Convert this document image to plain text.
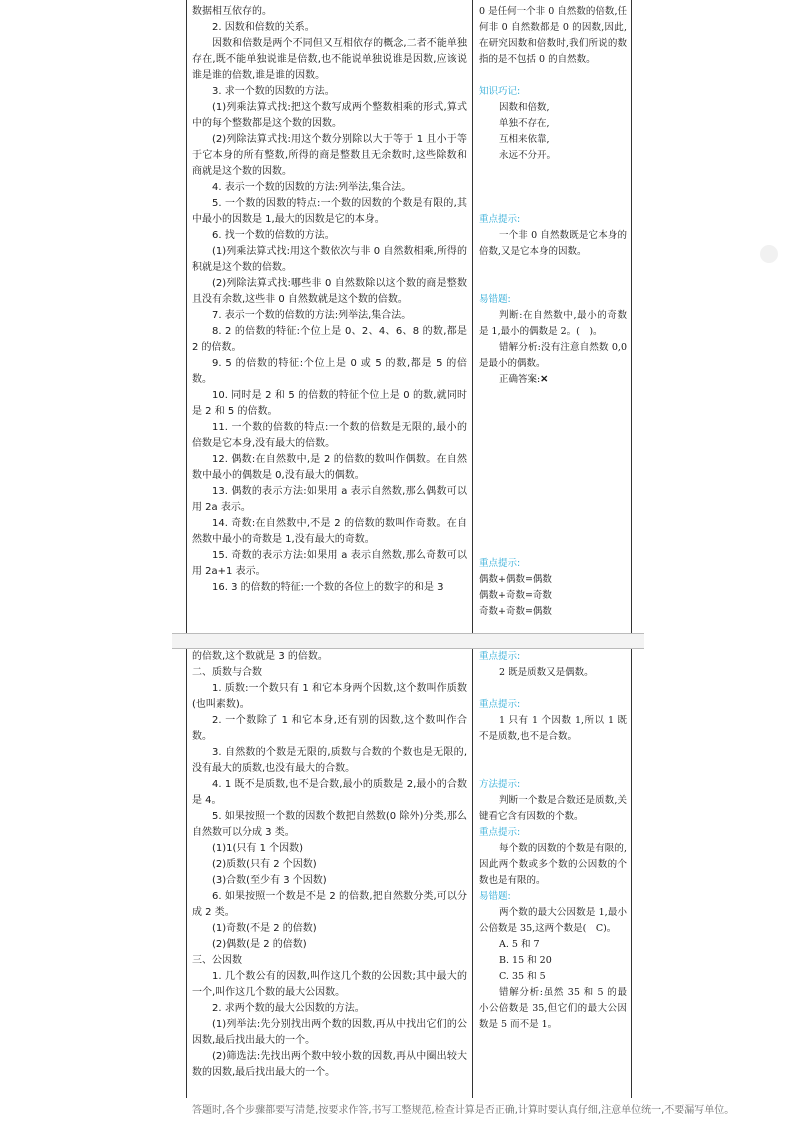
数据相互依存的。

2. 因数和倍数的关系。

因数和倍数是两个不同但又互相依存的概念,二者不能单独存在,既不能单独说谁是倍数,也不能说单独说谁是因数,应该说谁是谁的倍数,谁是谁的因数。

3. 求一个数的因数的方法。

(1)列乘法算式找:把这个数写成两个整数相乘的形式,算式中的每个整数都是这个数的因数。

(2)列除法算式找:用这个数分别除以大于等于 1 且小于等于它本身的所有整数,所得的商是整数且无余数时,这些除数和商就是这个数的因数。

4. 表示一个数的因数的方法:列举法,集合法。

5. 一个数的因数的特点:一个数的因数的个数是有限的,其中最小的因数是 1,最大的因数是它的本身。

6. 找一个数的倍数的方法。

(1)列乘法算式找:用这个数依次与非 0 自然数相乘,所得的积就是这个数的倍数。

(2)列除法算式找:哪些非 0 自然数除以这个数的商是整数且没有余数,这些非 0 自然数就是这个数的倍数。

7. 表示一个数的倍数的方法:列举法,集合法。

8. 2 的倍数的特征:个位上是 0、2、4、6、8 的数,都是 2 的倍数。

9. 5 的倍数的特征:个位上是 0 或 5 的数,都是 5 的倍数。

10. 同时是 2 和 5 的倍数的特征个位上是 0 的数,就同时是 2 和 5 的倍数。

11. 一个数的倍数的特点:一个数的倍数是无限的,最小的倍数是它本身,没有最大的倍数。

12. 偶数:在自然数中,是 2 的倍数的数叫作偶数。在自然数中最小的偶数是 0,没有最大的偶数。

13. 偶数的表示方法:如果用 a 表示自然数,那么偶数可以用 2a 表示。

14. 奇数:在自然数中,不是 2 的倍数的数叫作奇数。在自然数中最小的奇数是 1,没有最大的奇数。

15. 奇数的表示方法:如果用 a 表示自然数,那么奇数可以用 2a+1 表示。

16. 3 的倍数的特征:一个数的各位上的数字的和是 3

0 是任何一个非 0 自然数的倍数,任何非 0 自然数都是 0 的因数,因此,在研究因数和倍数时,我们所说的数指的是不包括 0 的自然数。

知识巧记:

因数和倍数,

单独不存在,

互相来依靠,

永远不分开。

重点提示:

一个非 0 自然数既是它本身的倍数,又是它本身的因数。

易错题:

判断:在自然数中,最小的奇数是 1,最小的偶数是 2。(　)。

错解分析:没有注意自然数 0,0 是最小的偶数。

正确答案:✕

重点提示:

偶数+偶数=偶数

偶数+奇数=奇数

奇数+奇数=偶数

的倍数,这个数就是 3 的倍数。

二、质数与合数

1. 质数:一个数只有 1 和它本身两个因数,这个数叫作质数(也叫素数)。

2. 一个数除了 1 和它本身,还有别的因数,这个数叫作合数。

3. 自然数的个数是无限的,质数与合数的个数也是无限的,没有最大的质数,也没有最大的合数。

4. 1 既不是质数,也不是合数,最小的质数是 2,最小的合数是 4。

5. 如果按照一个数的因数个数把自然数(0 除外)分类,那么自然数可以分成 3 类。

(1)1(只有 1 个因数)

(2)质数(只有 2 个因数)

(3)合数(至少有 3 个因数)

6. 如果按照一个数是不是 2 的倍数,把自然数分类,可以分成 2 类。

(1)奇数(不是 2 的倍数)

(2)偶数(是 2 的倍数)

三、公因数

1. 几个数公有的因数,叫作这几个数的公因数;其中最大的一个,叫作这几个数的最大公因数。

2. 求两个数的最大公因数的方法。

(1)列举法:先分别找出两个数的因数,再从中找出它们的公因数,最后找出最大的一个。

(2)筛选法:先找出两个数中较小数的因数,再从中圈出较大数的因数,最后找出最大的一个。

重点提示:

2 既是质数又是偶数。

重点提示:

1 只有 1 个因数 1,所以 1 既不是质数,也不是合数。

方法提示:

判断一个数是合数还是质数,关键看它含有因数的个数。

重点提示:

每个数的因数的个数是有限的,因此两个数或多个数的公因数的个数也是有限的。

易错题:

两个数的最大公因数是 1,最小公倍数是 35,这两个数是(　C)。

A. 5 和 7

B. 15 和 20

C. 35 和 5

错解分析:虽然 35 和 5 的最小公倍数是 35,但它们的最大公因数是 5 而不是 1。

答题时,各个步骤都要写清楚,按要求作答,书写工整规范,检查计算是否正确,计算时要认真仔细,注意单位统一,不要漏写单位。
